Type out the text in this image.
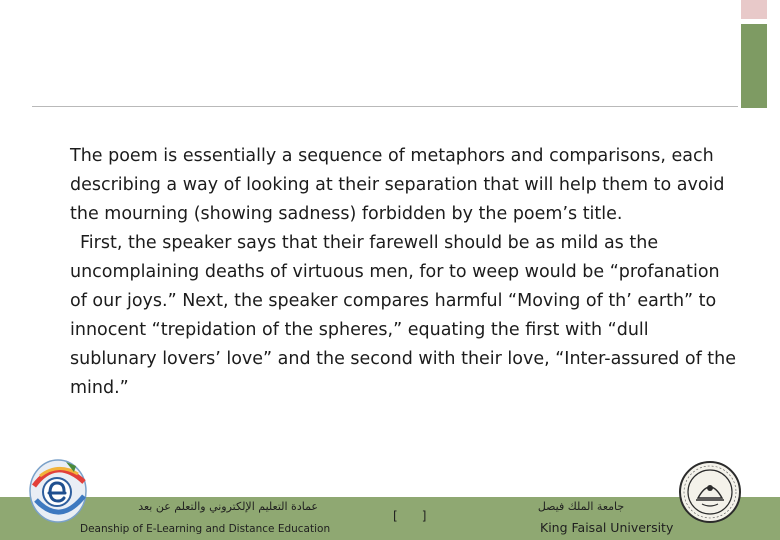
The poem is essentially a sequence of metaphors and comparisons, each describing a way of looking at their separation that will help them to avoid the mourning (showing sadness) forbidden by the poem’s title.

First, the speaker says that their farewell should be as mild as the uncomplaining deaths of virtuous men, for to weep would be “profanation of our joys.” Next, the speaker compares harmful “Moving of th’ earth” to innocent “trepidation of the spheres,” equating the first with “dull sublunary lovers’ love” and the second with their love, “Inter-assured of the mind.”

عمادة التعليم الإلكتروني والتعلم عن بعد
Deanship of E-Learning and Distance Education
[ ]
جامعة الملك فيصل
King Faisal University
